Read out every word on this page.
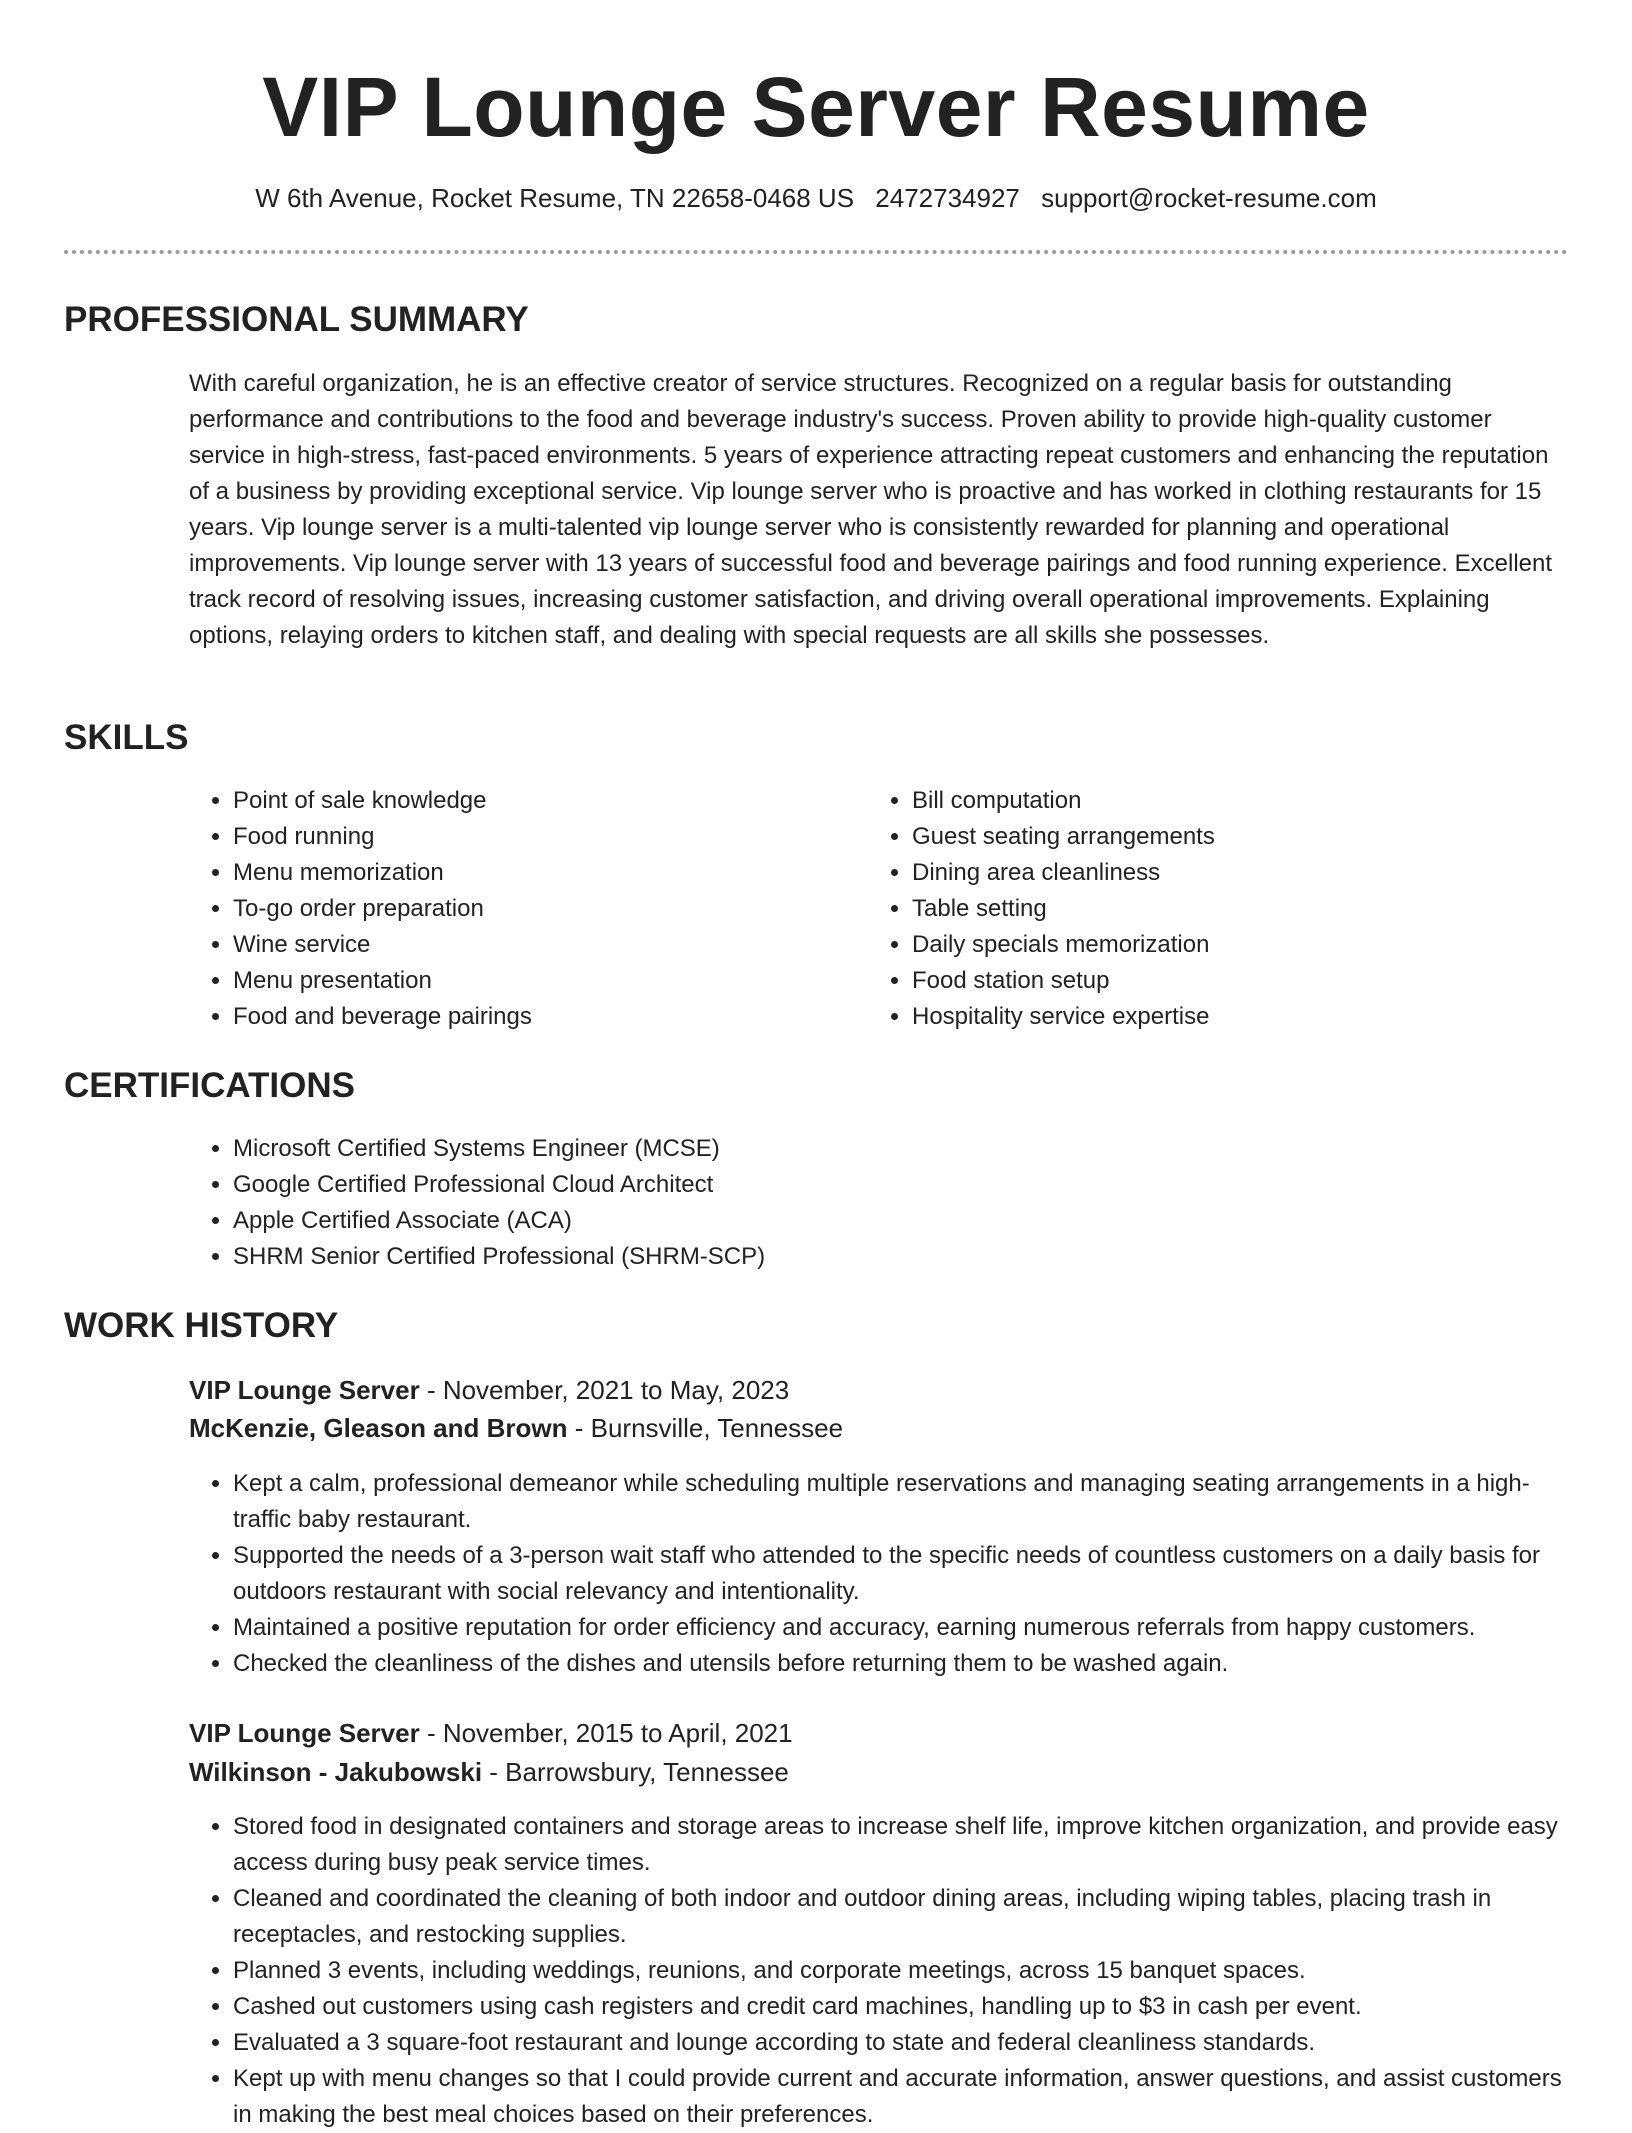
VIP Lounge Server Resume
W 6th Avenue, Rocket Resume, TN 22658-0468 US 2472734927 support@rocket-resume.com
PROFESSIONAL SUMMARY

With careful organization, he is an effective creator of service structures. Recognized on a regular basis for outstanding performance and contributions to the food and beverage industry's success. Proven ability to provide high-quality customer service in high-stress, fast-paced environments. 5 years of experience attracting repeat customers and enhancing the reputation of a business by providing exceptional service. Vip lounge server who is proactive and has worked in clothing restaurants for 15 years. Vip lounge server is a multi-talented vip lounge server who is consistently rewarded for planning and operational improvements. Vip lounge server with 13 years of successful food and beverage pairings and food running experience. Excellent track record of resolving issues, increasing customer satisfaction, and driving overall operational improvements. Explaining options, relaying orders to kitchen staff, and dealing with special requests are all skills she possesses.

SKILLS
• Point of sale knowledge
• Food running
• Menu memorization
• To-go order preparation
• Wine service
• Menu presentation
• Food and beverage pairings
• Bill computation
• Guest seating arrangements
• Dining area cleanliness
• Table setting
• Daily specials memorization
• Food station setup
• Hospitality service expertise
CERTIFICATIONS
• Microsoft Certified Systems Engineer (MCSE)
• Google Certified Professional Cloud Architect
• Apple Certified Associate (ACA)
• SHRM Senior Certified Professional (SHRM-SCP)
WORK HISTORY
VIP Lounge Server - November, 2021 to May, 2023
McKenzie, Gleason and Brown - Burnsville, Tennessee
• Kept a calm, professional demeanor while scheduling multiple reservations and managing seating arrangements in a high-traffic baby restaurant.
• Supported the needs of a 3-person wait staff who attended to the specific needs of countless customers on a daily basis for outdoors restaurant with social relevancy and intentionality.
• Maintained a positive reputation for order efficiency and accuracy, earning numerous referrals from happy customers.
• Checked the cleanliness of the dishes and utensils before returning them to be washed again.
VIP Lounge Server - November, 2015 to April, 2021
Wilkinson - Jakubowski - Barrowsbury, Tennessee
• Stored food in designated containers and storage areas to increase shelf life, improve kitchen organization, and provide easy access during busy peak service times.
• Cleaned and coordinated the cleaning of both indoor and outdoor dining areas, including wiping tables, placing trash in receptacles, and restocking supplies.
• Planned 3 events, including weddings, reunions, and corporate meetings, across 15 banquet spaces.
• Cashed out customers using cash registers and credit card machines, handling up to $3 in cash per event.
• Evaluated a 3 square-foot restaurant and lounge according to state and federal cleanliness standards.
• Kept up with menu changes so that I could provide current and accurate information, answer questions, and assist customers in making the best meal choices based on their preferences.
